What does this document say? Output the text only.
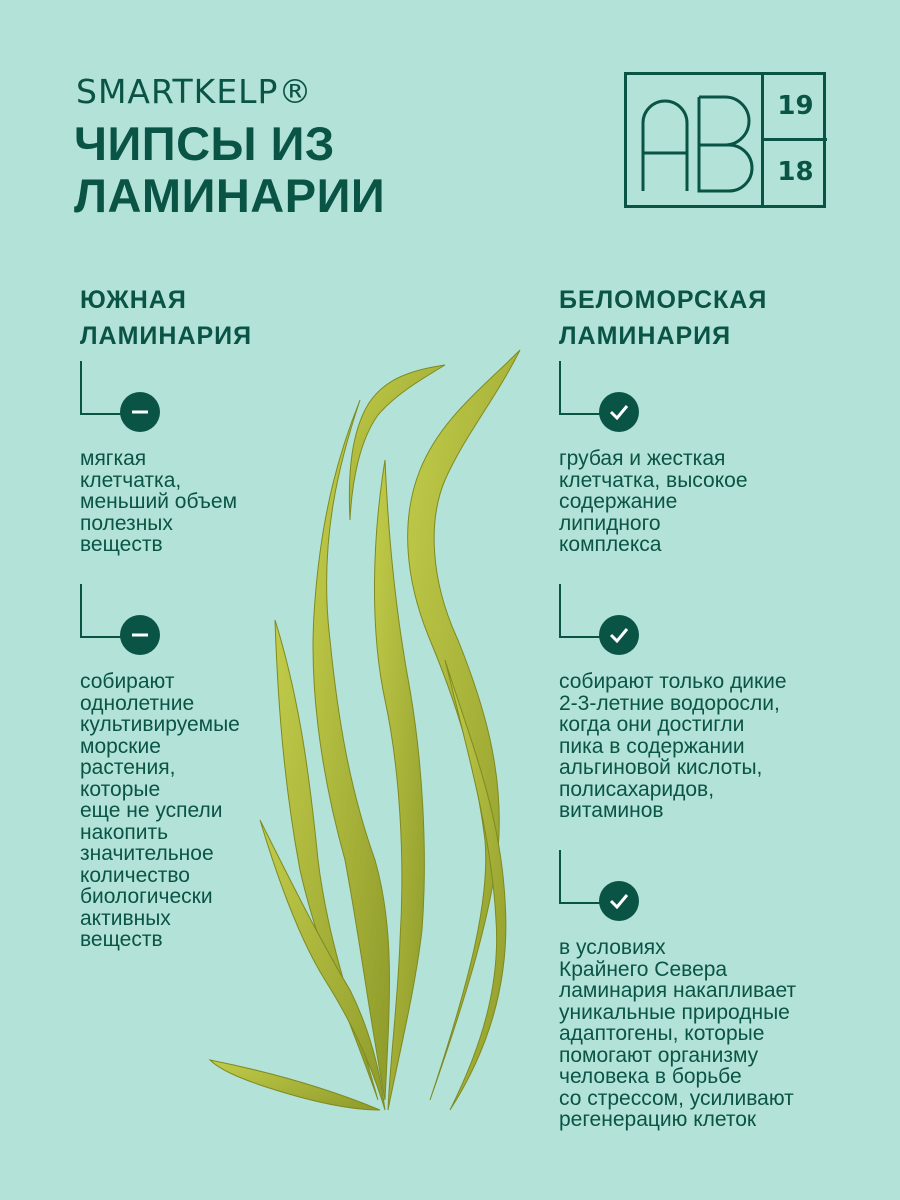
SMARTKELP®
ЧИПСЫ ИЗ
ЛАМИНАРИИ
19
18
ЮЖНАЯ
ЛАМИНАРИЯ

мягкая
клетчатка,
меньший объем
полезных
веществ

собирают
однолетние
культивируемые
морские
растения,
которые
еще не успели
накопить
значительное
количество
биологически
активных
веществ

БЕЛОМОРСКАЯ
ЛАМИНАРИЯ

грубая и жесткая
клетчатка, высокое
содержание
липидного
комплекса

собирают только дикие
2-3-летние водоросли,
когда они достигли
пика в содержании
альгиновой кислоты,
полисахаридов,
витаминов

в условиях
Крайнего Севера
ламинария накапливает
уникальные природные
адаптогены, которые
помогают организму
человека в борьбе
со стрессом, усиливают
регенерацию клеток
